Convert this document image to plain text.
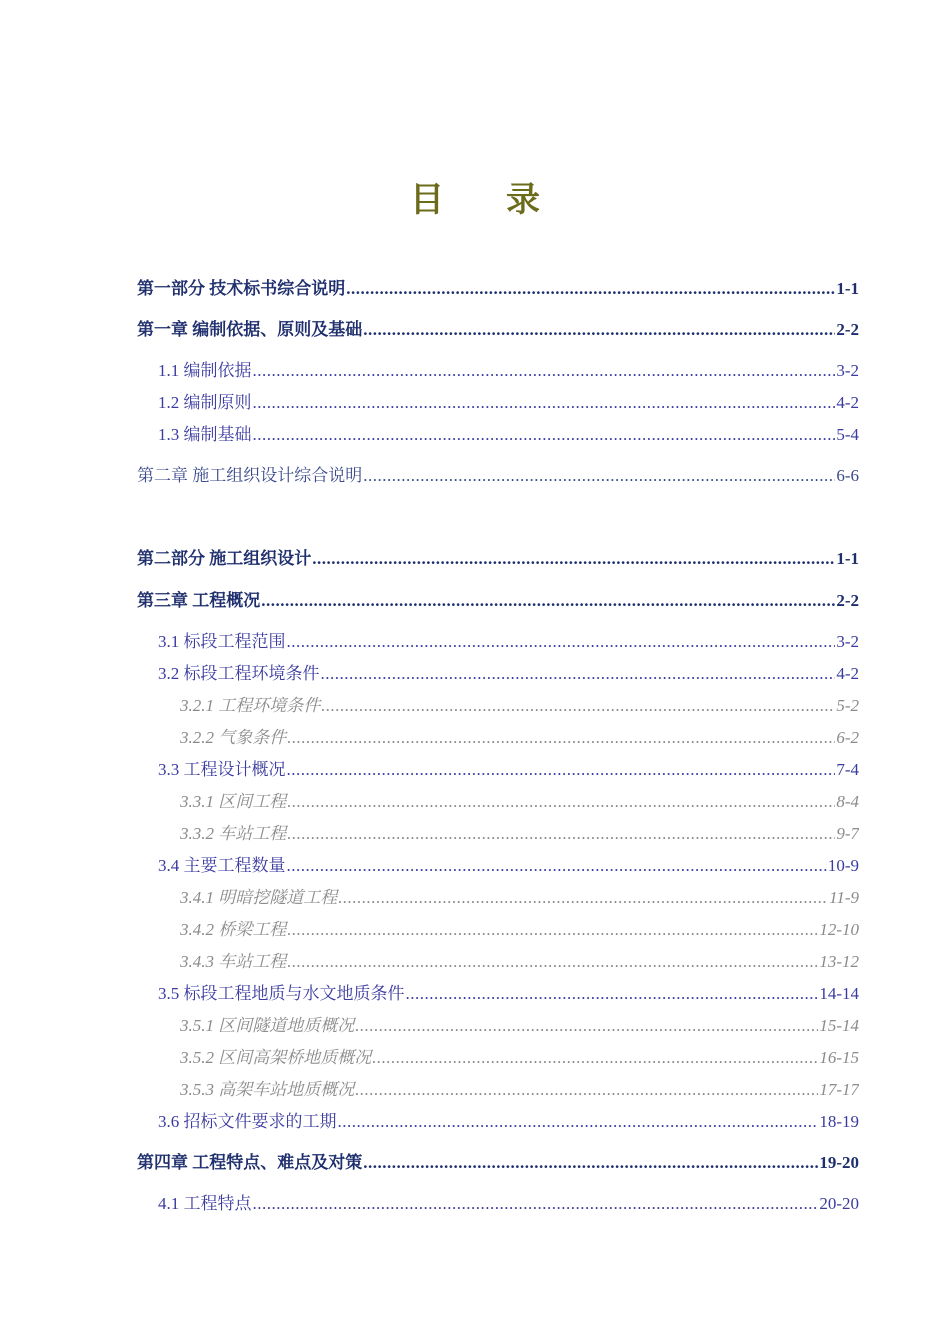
目 录
第一部分 技术标书综合说明 .....	1-1
第一章 编制依据、原则及基础 .....	2-2
1.1 编制依据 .....	3-2
1.2 编制原则 .....	4-2
1.3 编制基础 .....	5-4
第二章 施工组织设计综合说明 .....	6-6
第二部分 施工组织设计 .....	1-1
第三章 工程概况 .....	2-2
3.1 标段工程范围 .....	3-2
3.2 标段工程环境条件 .....	4-2
3.2.1 工程环境条件 .....	5-2
3.2.2 气象条件 .....	6-2
3.3 工程设计概况 .....	7-4
3.3.1 区间工程 .....	8-4
3.3.2 车站工程 .....	9-7
3.4 主要工程数量 .....	10-9
3.4.1 明暗挖隧道工程 .....	11-9
3.4.2 桥梁工程 .....	12-10
3.4.3 车站工程 .....	13-12
3.5 标段工程地质与水文地质条件 .....	14-14
3.5.1 区间隧道地质概况 .....	15-14
3.5.2 区间高架桥地质概况 .....	16-15
3.5.3 高架车站地质概况 .....	17-17
3.6 招标文件要求的工期 .....	18-19
第四章 工程特点、难点及对策 .....	19-20
4.1 工程特点 .....	20-20
